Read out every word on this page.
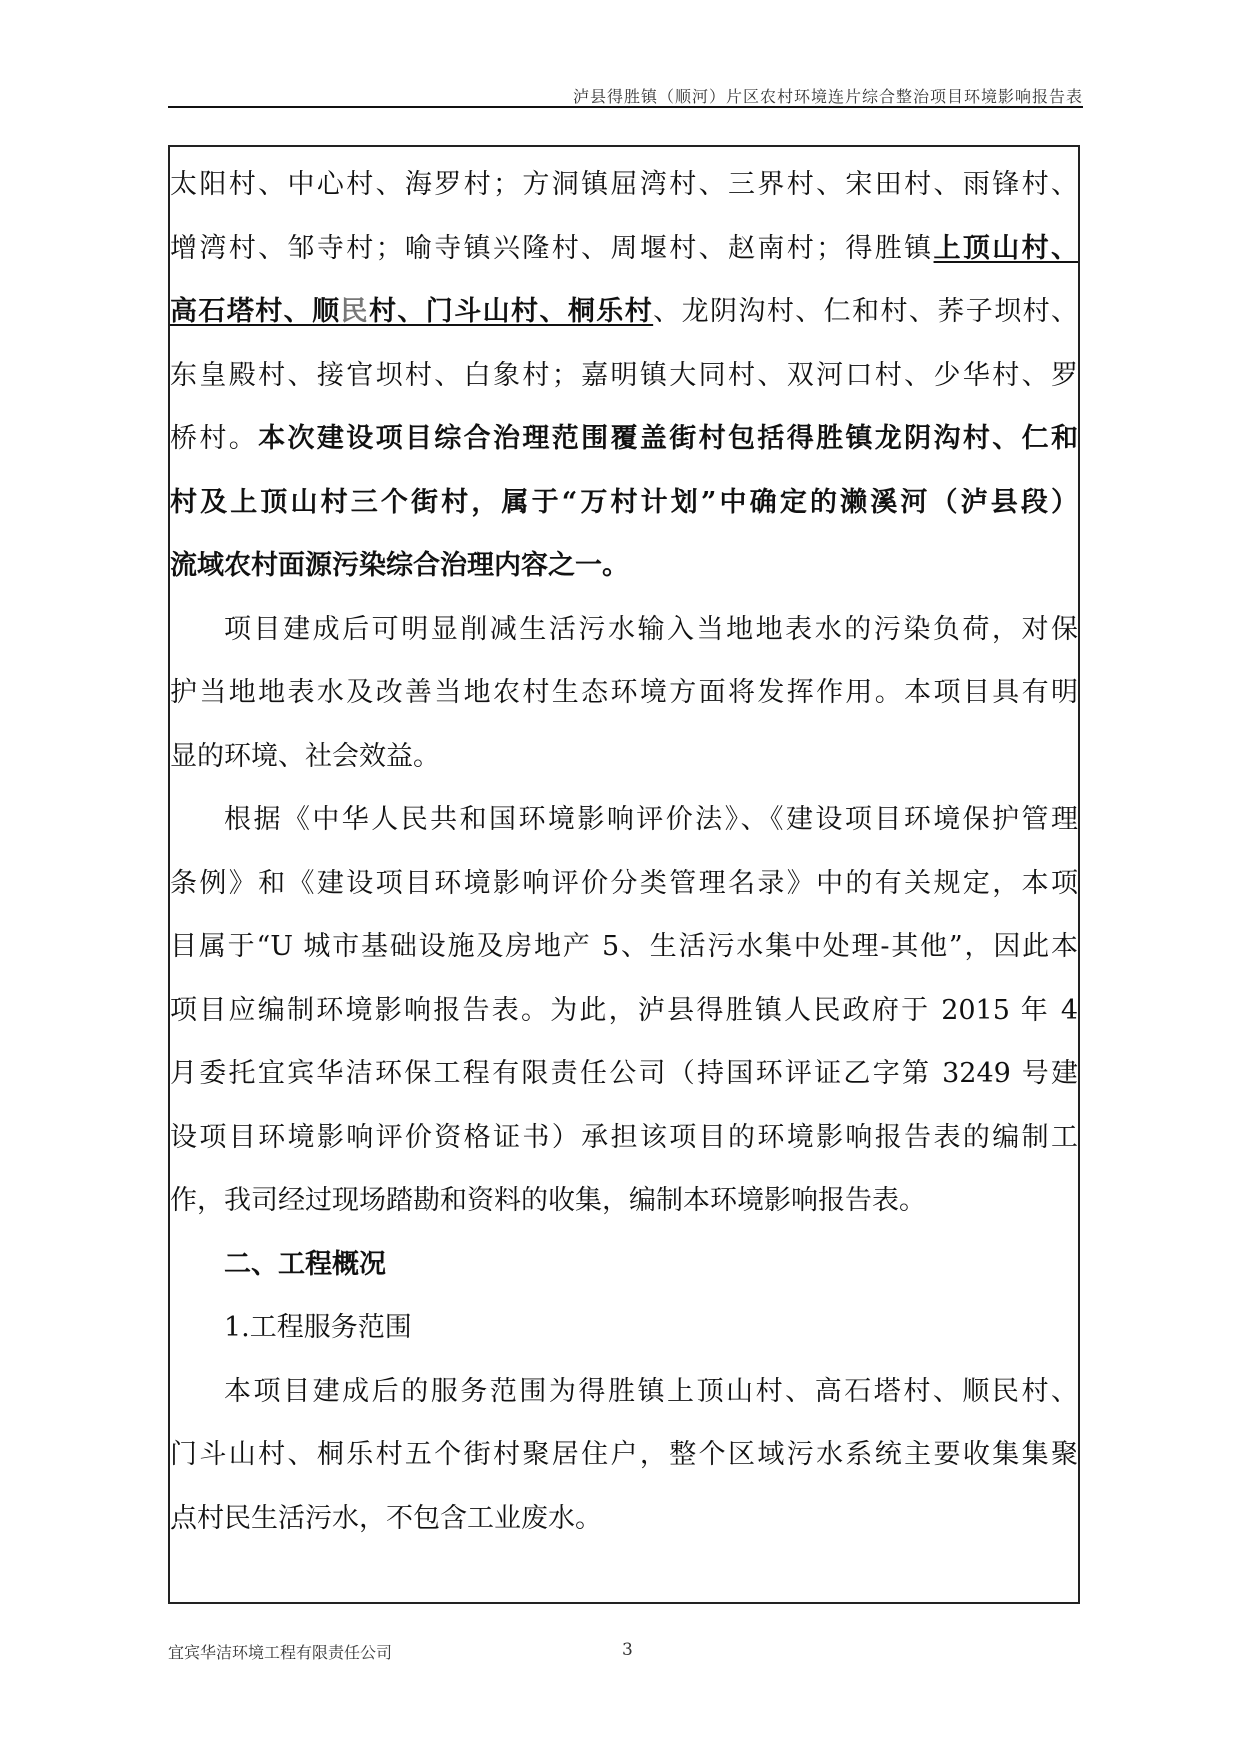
泸县得胜镇（顺河）片区农村环境连片综合整治项目环境影响报告表
太阳村、中心村、海罗村；方洞镇屈湾村、三界村、宋田村、雨锋村、
增湾村、邹寺村；喻寺镇兴隆村、周堰村、赵南村；得胜镇上顶山村、
高石塔村、顺民村、门斗山村、桐乐村、龙阴沟村、仁和村、荞子坝村、
东皇殿村、接官坝村、白象村；嘉明镇大同村、双河口村、少华村、罗
桥村。本次建设项目综合治理范围覆盖街村包括得胜镇龙阴沟村、仁和
村及上顶山村三个街村，属于“万村计划”中确定的濑溪河（泸县段）
流域农村面源污染综合治理内容之一。
项目建成后可明显削减生活污水输入当地地表水的污染负荷，对保
护当地地表水及改善当地农村生态环境方面将发挥作用。本项目具有明
显的环境、社会效益。
根据《中华人民共和国环境影响评价法》、《建设项目环境保护管理
条例》和《建设项目环境影响评价分类管理名录》中的有关规定，本项
目属于“U 城市基础设施及房地产 5、生活污水集中处理-其他”，因此本
项目应编制环境影响报告表。为此，泸县得胜镇人民政府于 2015 年 4
月委托宜宾华洁环保工程有限责任公司（持国环评证乙字第 3249 号建
设项目环境影响评价资格证书）承担该项目的环境影响报告表的编制工
作，我司经过现场踏勘和资料的收集，编制本环境影响报告表。
二、工程概况
1.工程服务范围
本项目建成后的服务范围为得胜镇上顶山村、高石塔村、顺民村、
门斗山村、桐乐村五个街村聚居住户，整个区域污水系统主要收集集聚
点村民生活污水，不包含工业废水。
宜宾华洁环境工程有限责任公司	3
